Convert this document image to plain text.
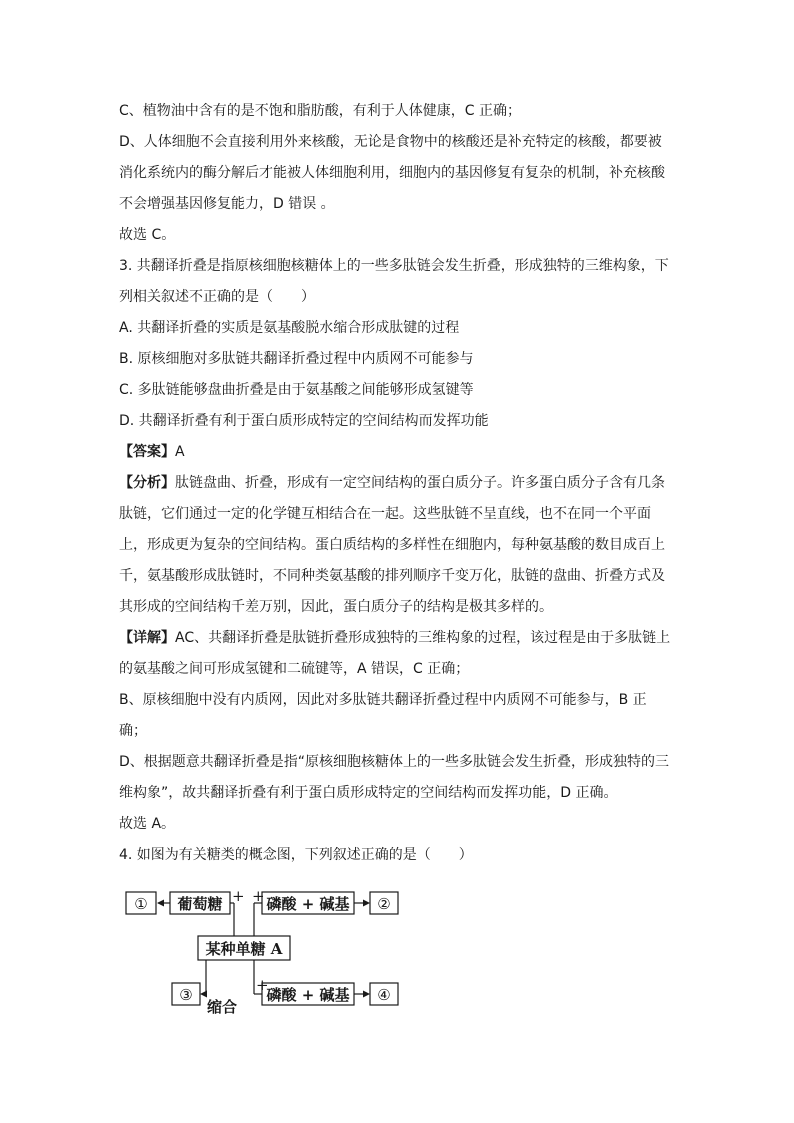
C、植物油中含有的是不饱和脂肪酸，有利于人体健康，C 正确；

D、人体细胞不会直接利用外来核酸，无论是食物中的核酸还是补充特定的核酸，都要被

消化系统内的酶分解后才能被人体细胞利用，细胞内的基因修复有复杂的机制，补充核酸

不会增强基因修复能力，D 错误 。

故选 C。

3. 共翻译折叠是指原核细胞核糖体上的一些多肽链会发生折叠，形成独特的三维构象，下

列相关叙述不正确的是（　　）

A. 共翻译折叠的实质是氨基酸脱水缩合形成肽键的过程

B. 原核细胞对多肽链共翻译折叠过程中内质网不可能参与

C. 多肽链能够盘曲折叠是由于氨基酸之间能够形成氢键等

D. 共翻译折叠有利于蛋白质形成特定的空间结构而发挥功能

【答案】A

【分析】肽链盘曲、折叠，形成有一定空间结构的蛋白质分子。许多蛋白质分子含有几条

肽链，它们通过一定的化学键互相结合在一起。这些肽链不呈直线，也不在同一个平面

上，形成更为复杂的空间结构。蛋白质结构的多样性在细胞内，每种氨基酸的数目成百上

千，氨基酸形成肽链时，不同种类氨基酸的排列顺序千变万化，肽链的盘曲、折叠方式及

其形成的空间结构千差万别，因此，蛋白质分子的结构是极其多样的。

【详解】AC、共翻译折叠是肽链折叠形成独特的三维构象的过程，该过程是由于多肽链上

的氨基酸之间可形成氢键和二硫键等，A 错误，C 正确；

B、原核细胞中没有内质网，因此对多肽链共翻译折叠过程中内质网不可能参与，B 正

确；

D、根据题意共翻译折叠是指“原核细胞核糖体上的一些多肽链会发生折叠，形成独特的三

维构象”，故共翻译折叠有利于蛋白质形成特定的空间结构而发挥功能，D 正确。

故选 A。

4. 如图为有关糖类的概念图，下列叙述正确的是（　　）

① 葡萄糖 + + 磷酸 + 碱基 ②
某种单糖 A
③
缩合
+
磷酸 + 碱基 ④
